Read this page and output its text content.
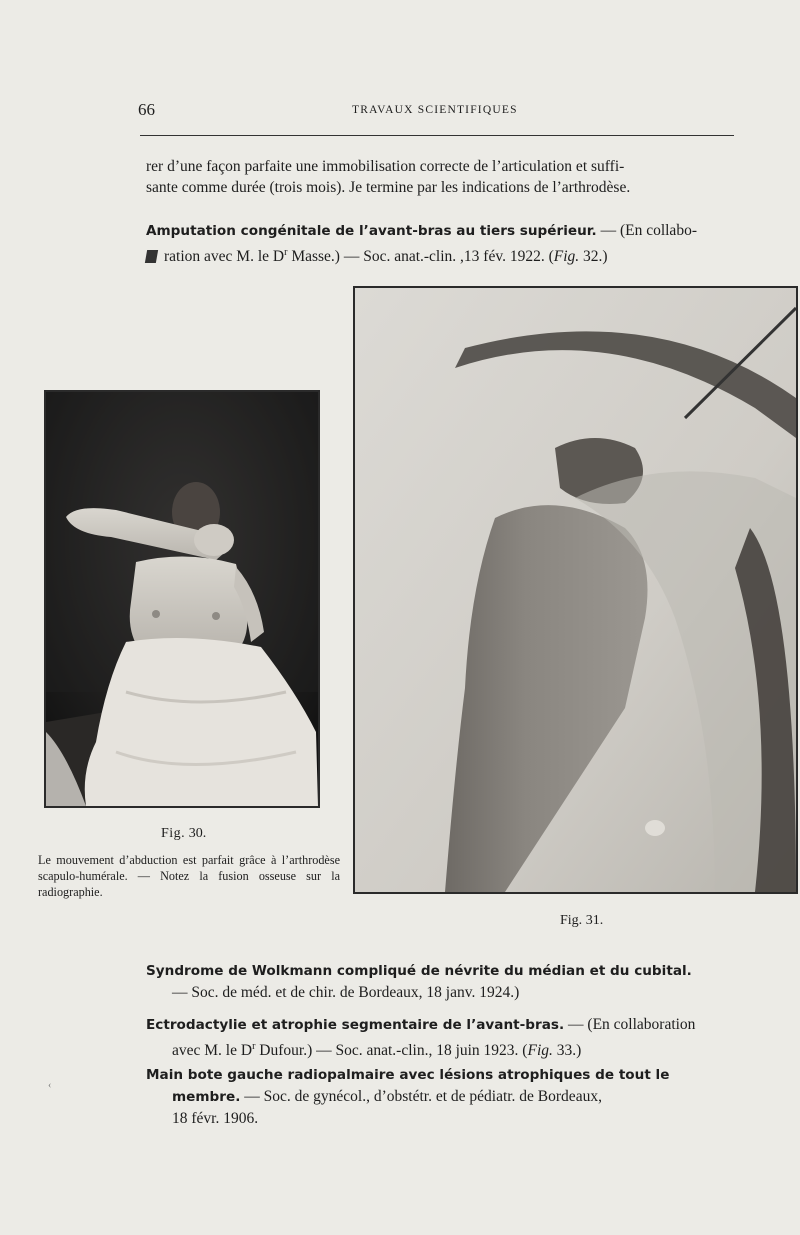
66	TRAVAUX SCIENTIFIQUES
rer d’une façon parfaite une immobilisation correcte de l’articulation et suffi-
sante comme durée (trois mois). Je termine par les indications de l’arthrodèse.
Amputation congénitale de l’avant-bras au tiers supérieur. — (En collabo-
ration avec M. le $D^r$ Masse.) — Soc. anat.-clin. ,13 fév. 1922. (Fig. 32.)
Fig. 30.
Le mouvement d’abduction est parfait grâce à l’arthrodèse scapulo-humérale. — Notez la fusion osseuse sur la radiographie.
Fig. 31.
Syndrome de Wolkmann compliqué de névrite du médian et du cubital.
— Soc. de méd. et de chir. de Bordeaux, 18 janv. 1924.)
Ectrodactylie et atrophie segmentaire de l’avant-bras. — (En collaboration
avec M. le $D^r$ Dufour.) — Soc. anat.-clin., 18 juin 1923. (Fig. 33.)
Main bote gauche radiopalmaire avec lésions atrophiques de tout le
membre. — Soc. de gynécol., d’obstétr. et de pédiatr. de Bordeaux,
18 févr. 1906.
‹
